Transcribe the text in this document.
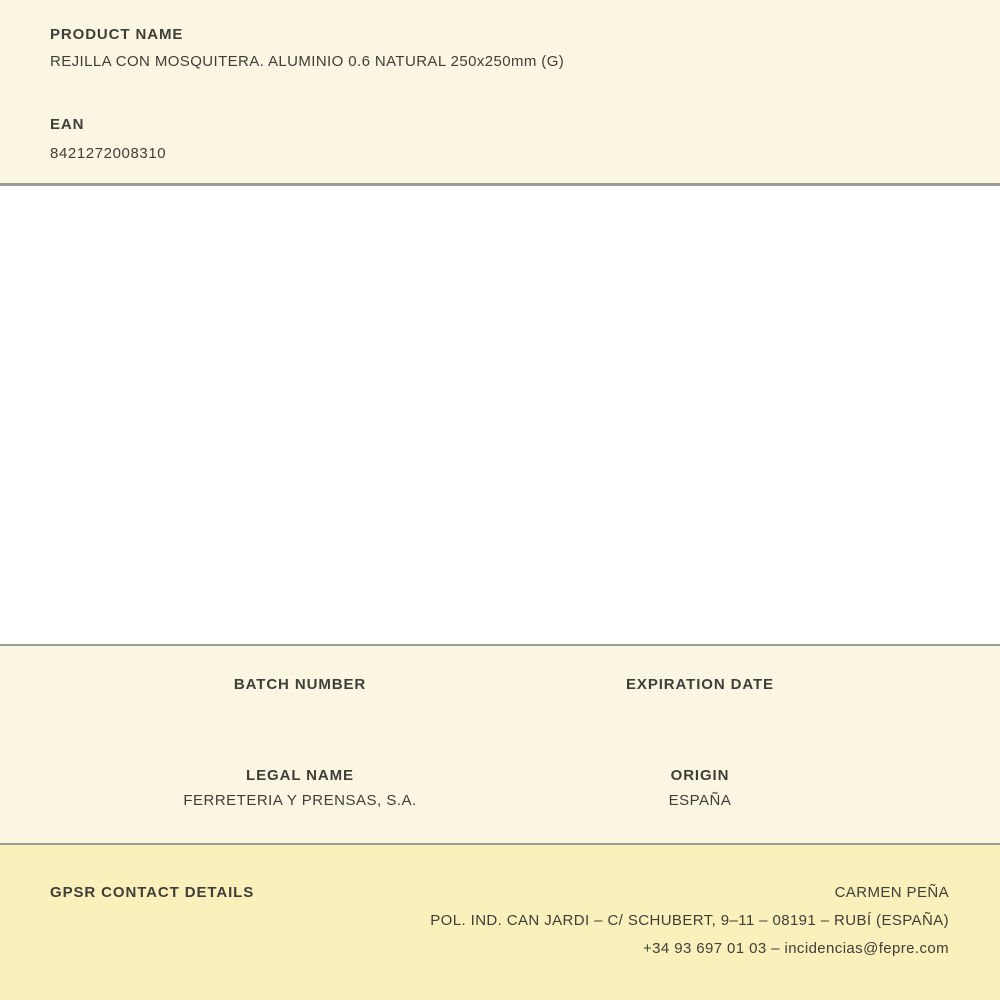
PRODUCT NAME
REJILLA CON MOSQUITERA. ALUMINIO 0.6 NATURAL 250x250mm (G)
EAN
8421272008310
BATCH NUMBER	EXPIRATION DATE
LEGAL NAME
FERRETERIA Y PRENSAS, S.A.
ORIGIN
ESPAÑA
GPSR CONTACT DETAILS	CARMEN PEÑA
POL. IND. CAN JARDI – C/ SCHUBERT, 9–11 – 08191 – RUBÍ (ESPAÑA)
+34 93 697 01 03 – incidencias@fepre.com
